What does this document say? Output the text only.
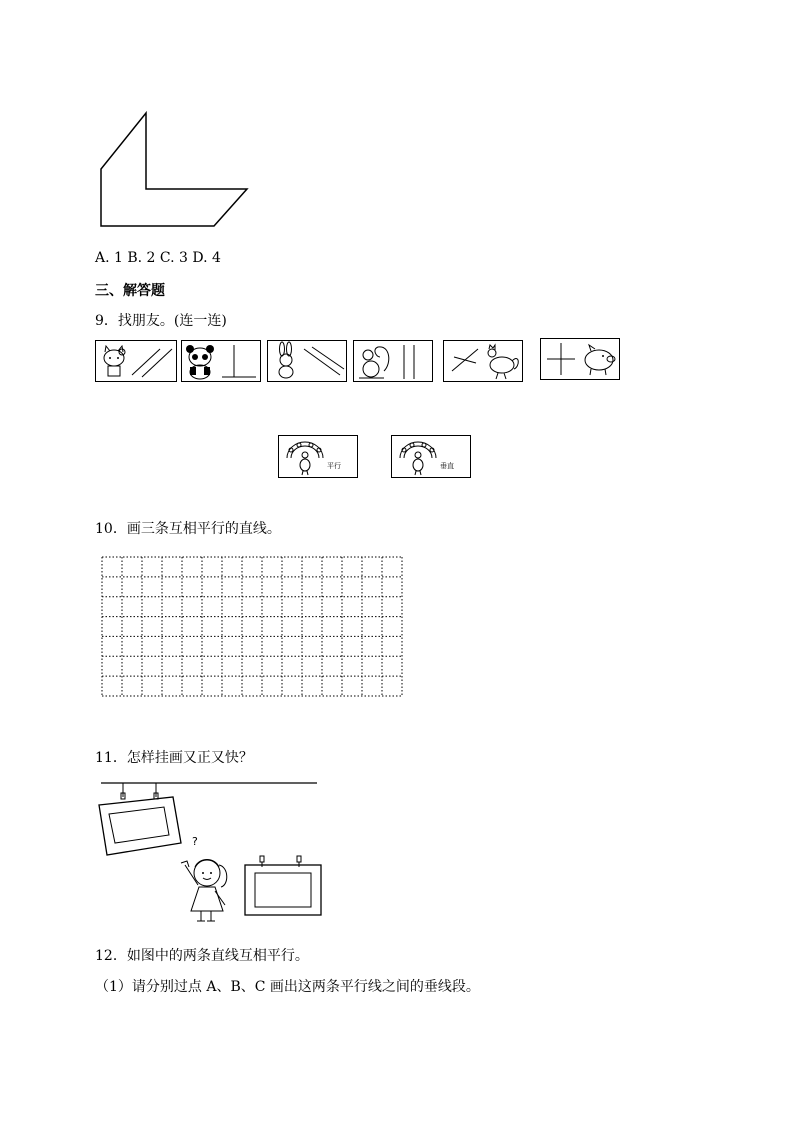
A. 1 B. 2 C. 3 D. 4
三、解答题
9．找朋友。(连一连)
平行	垂直
10．画三条互相平行的直线。
11．怎样挂画又正又快？
?
12．如图中的两条直线互相平行。
（1）请分别过点 A、B、C 画出这两条平行线之间的垂线段。
